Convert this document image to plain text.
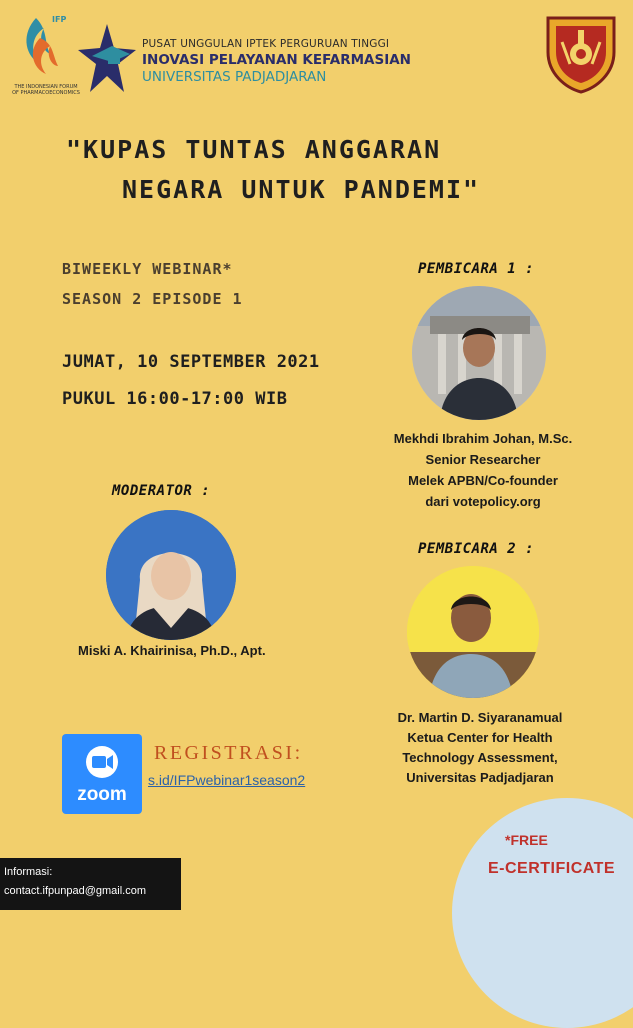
IFP
THE INDONESIAN FORUM
OF PHARMACOECONOMICS
PUSAT UNGGULAN IPTEK PERGURUAN TINGGI
INOVASI PELAYANAN KEFARMASIAN
UNIVERSITAS PADJADJARAN
"KUPAS TUNTAS ANGGARAN
NEGARA UNTUK PANDEMI"
BIWEEKLY WEBINAR*
SEASON 2 EPISODE 1
JUMAT, 10 SEPTEMBER 2021
PUKUL 16:00-17:00 WIB
PEMBICARA 1 :
Mekhdi Ibrahim Johan, M.Sc.
Senior Researcher
Melek APBN/Co-founder
dari votepolicy.org
MODERATOR :
Miski A. Khairinisa, Ph.D., Apt.
PEMBICARA 2 :
Dr. Martin D. Siyaranamual
Ketua Center for Health
Technology Assessment,
Universitas Padjadjaran
zoom
REGISTRASI:
s.id/IFPwebinar1season2
*FREE
E-CERTIFICATE
Informasi:
contact.ifpunpad@gmail.com
